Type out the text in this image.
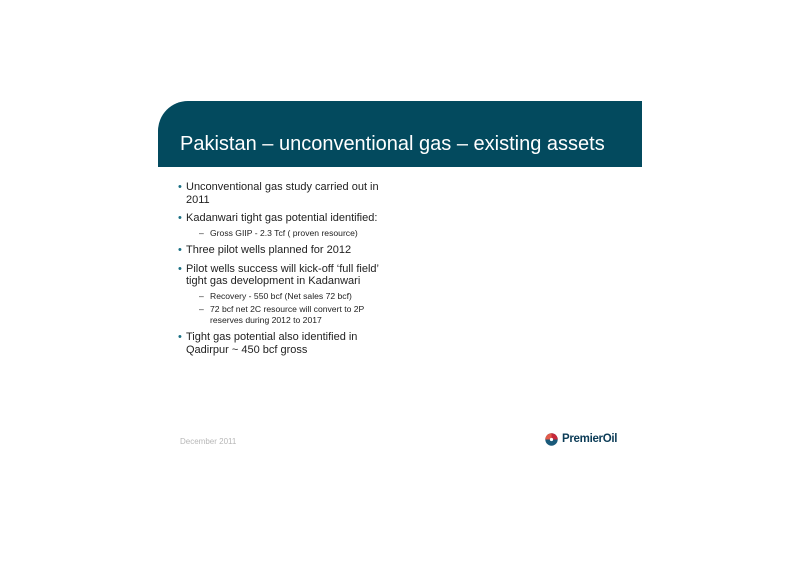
Pakistan – unconventional gas – existing assets
• Unconventional gas study carried out in
2011
• Kadanwari tight gas potential identified:
– Gross GIIP - 2.3 Tcf ( proven resource)
• Three pilot wells planned for 2012
• Pilot wells success will kick-off ‘full field’
tight gas development in Kadanwari
– Recovery - 550 bcf (Net sales 72 bcf)
– 72 bcf net 2C resource will convert to 2P
reserves during 2012 to 2017
• Tight gas potential also identified in
Qadirpur ~ 450 bcf gross
December 2011	PremierOil
